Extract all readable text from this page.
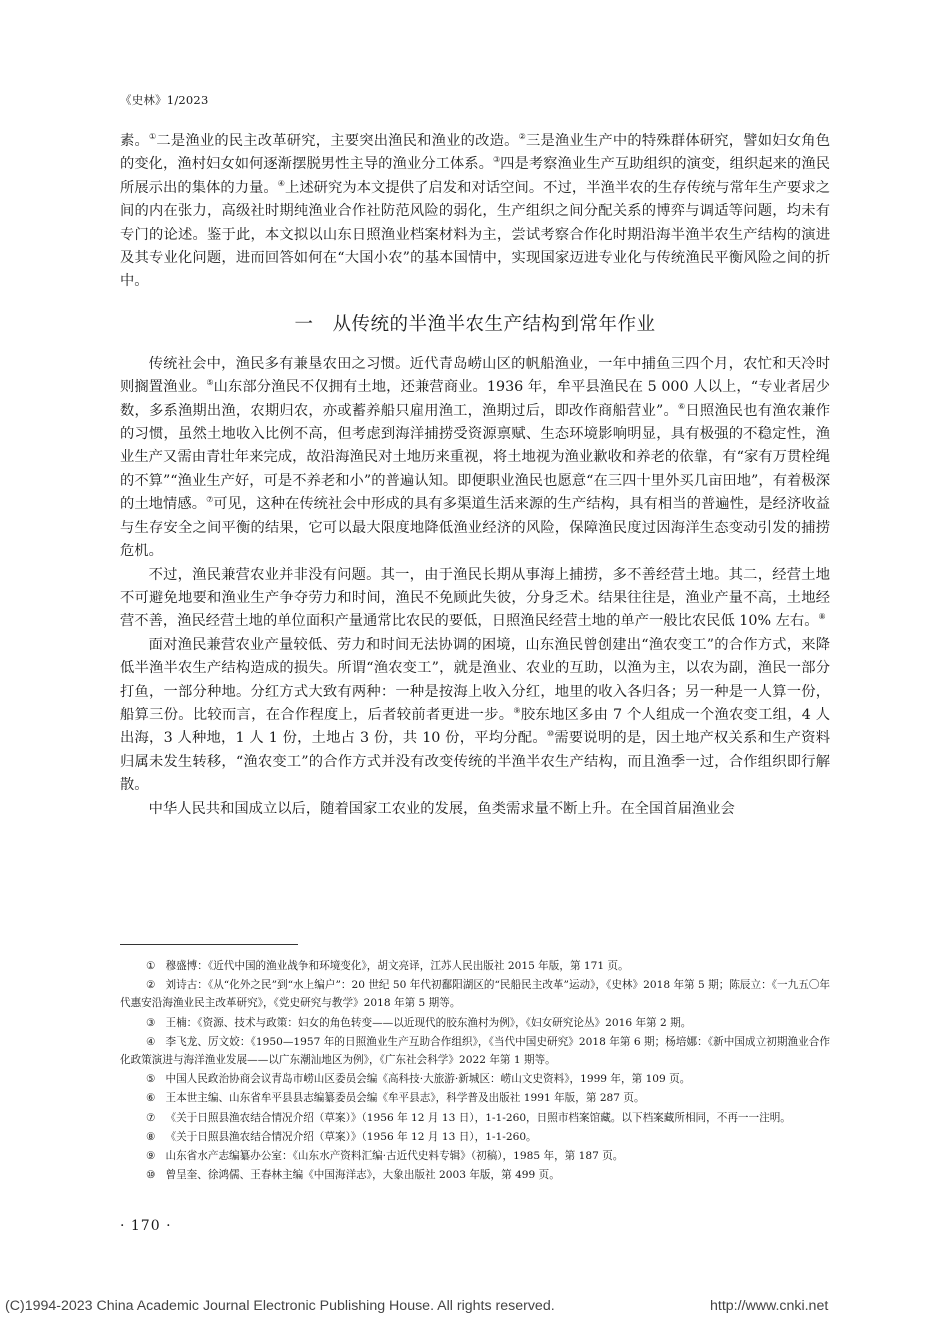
《史林》1/2023

素。①二是渔业的民主改革研究，主要突出渔民和渔业的改造。②三是渔业生产中的特殊群体研究，譬如妇女角色的变化，渔村妇女如何逐渐摆脱男性主导的渔业分工体系。③四是考察渔业生产互助组织的演变，组织起来的渔民所展示出的集体的力量。④上述研究为本文提供了启发和对话空间。不过，半渔半农的生存传统与常年生产要求之间的内在张力，高级社时期纯渔业合作社防范风险的弱化，生产组织之间分配关系的博弈与调适等问题，均未有专门的论述。鉴于此，本文拟以山东日照渔业档案材料为主，尝试考察合作化时期沿海半渔半农生产结构的演进及其专业化问题，进而回答如何在“大国小农”的基本国情中，实现国家迈进专业化与传统渔民平衡风险之间的折中。

一　从传统的半渔半农生产结构到常年作业

传统社会中，渔民多有兼垦农田之习惯。近代青岛崂山区的帆船渔业，一年中捕鱼三四个月，农忙和天冷时则搁置渔业。⑤山东部分渔民不仅拥有土地，还兼营商业。1936 年，牟平县渔民在 5 000 人以上，“专业者居少数，多系渔期出渔，农期归农，亦或蓄养船只雇用渔工，渔期过后，即改作商船营业”。⑥日照渔民也有渔农兼作的习惯，虽然土地收入比例不高，但考虑到海洋捕捞受资源禀赋、生态环境影响明显，具有极强的不稳定性，渔业生产又需由青壮年来完成，故沿海渔民对土地历来重视，将土地视为渔业歉收和养老的依靠，有“家有万贯栓绳的不算”“渔业生产好，可是不养老和小”的普遍认知。即便职业渔民也愿意“在三四十里外买几亩田地”，有着极深的土地情感。⑦可见，这种在传统社会中形成的具有多渠道生活来源的生产结构，具有相当的普遍性，是经济收益与生存安全之间平衡的结果，它可以最大限度地降低渔业经济的风险，保障渔民度过因海洋生态变动引发的捕捞危机。

不过，渔民兼营农业并非没有问题。其一，由于渔民长期从事海上捕捞，多不善经营土地。其二，经营土地不可避免地要和渔业生产争夺劳力和时间，渔民不免顾此失彼，分身乏术。结果往往是，渔业产量不高，土地经营不善，渔民经营土地的单位面积产量通常比农民的要低，日照渔民经营土地的单产一般比农民低 10% 左右。⑧

面对渔民兼营农业产量较低、劳力和时间无法协调的困境，山东渔民曾创建出“渔农变工”的合作方式，来降低半渔半农生产结构造成的损失。所谓“渔农变工”，就是渔业、农业的互助，以渔为主，以农为副，渔民一部分打鱼，一部分种地。分红方式大致有两种：一种是按海上收入分红，地里的收入各归各；另一种是一人算一份，船算三份。比较而言，在合作程度上，后者较前者更进一步。⑨胶东地区多由 7 个人组成一个渔农变工组，4 人出海，3 人种地，1 人 1 份，土地占 3 份，共 10 份，平均分配。⑩需要说明的是，因土地产权关系和生产资料归属未发生转移，“渔农变工”的合作方式并没有改变传统的半渔半农生产结构，而且渔季一过，合作组织即行解散。

中华人民共和国成立以后，随着国家工农业的发展，鱼类需求量不断上升。在全国首届渔业会

① 穆盛博：《近代中国的渔业战争和环境变化》，胡文亮译，江苏人民出版社 2015 年版，第 171 页。
② 刘诗古：《从“化外之民”到“水上编户”：20 世纪 50 年代初鄱阳湖区的“民船民主改革”运动》，《史林》2018 年第 5 期；陈辰立：《一九五〇年代惠安沿海渔业民主改革研究》，《党史研究与教学》2018 年第 5 期等。
③ 王楠：《资源、技术与政策：妇女的角色转变——以近现代的胶东渔村为例》，《妇女研究论丛》2016 年第 2 期。
④ 李飞龙、厉文姣：《1950—1957 年的日照渔业生产互助合作组织》，《当代中国史研究》2018 年第 6 期；杨培娜：《新中国成立初期渔业合作化政策演进与海洋渔业发展——以广东潮汕地区为例》，《广东社会科学》2022 年第 1 期等。
⑤ 中国人民政治协商会议青岛市崂山区委员会编《高科技·大旅游·新城区：崂山文史资料》，1999 年，第 109 页。
⑥ 王本世主编、山东省牟平县县志编纂委员会编《牟平县志》，科学普及出版社 1991 年版，第 287 页。
⑦ 《关于日照县渔农结合情况介绍（草案）》（1956 年 12 月 13 日），1-1-260，日照市档案馆藏。以下档案藏所相同，不再一一注明。
⑧ 《关于日照县渔农结合情况介绍（草案）》（1956 年 12 月 13 日），1-1-260。
⑨ 山东省水产志编纂办公室：《山东水产资料汇编·古近代史料专辑》（初稿），1985 年，第 187 页。
⑩ 曾呈奎、徐鸿儒、王春林主编《中国海洋志》，大象出版社 2003 年版，第 499 页。
· 170 ·
(C)1994-2023 China Academic Journal Electronic Publishing House. All rights reserved.	http://www.cnki.net
